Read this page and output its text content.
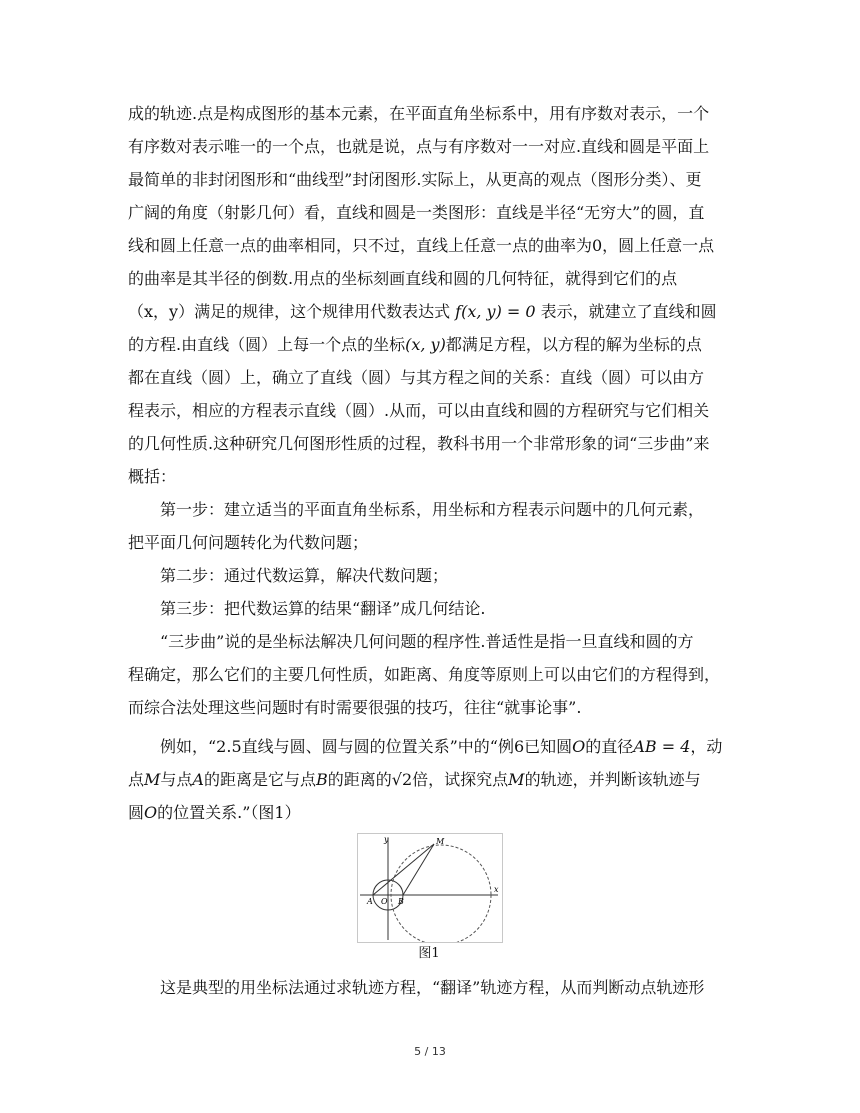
成的轨迹.点是构成图形的基本元素，在平面直角坐标系中，用有序数对表示，一个

有序数对表示唯一的一个点，也就是说，点与有序数对一一对应.直线和圆是平面上

最简单的非封闭图形和“曲线型”封闭图形.实际上，从更高的观点（图形分类）、更

广阔的角度（射影几何）看，直线和圆是一类图形：直线是半径“无穷大”的圆，直

线和圆上任意一点的曲率相同，只不过，直线上任意一点的曲率为0，圆上任意一点

的曲率是其半径的倒数.用点的坐标刻画直线和圆的几何特征，就得到它们的点

（x，y）满足的规律，这个规律用代数表达式 f(x, y) = 0 表示，就建立了直线和圆

的方程.由直线（圆）上每一个点的坐标(x, y)都满足方程，以方程的解为坐标的点

都在直线（圆）上，确立了直线（圆）与其方程之间的关系：直线（圆）可以由方

程表示，相应的方程表示直线（圆）.从而，可以由直线和圆的方程研究与它们相关

的几何性质.这种研究几何图形性质的过程，教科书用一个非常形象的词“三步曲”来

概括：

第一步：建立适当的平面直角坐标系，用坐标和方程表示问题中的几何元素，

把平面几何问题转化为代数问题；

第二步：通过代数运算，解决代数问题；

第三步：把代数运算的结果“翻译”成几何结论.

“三步曲”说的是坐标法解决几何问题的程序性.普适性是指一旦直线和圆的方

程确定，那么它们的主要几何性质，如距离、角度等原则上可以由它们的方程得到，

而综合法处理这些问题时有时需要很强的技巧，往往“就事论事”.

例如，“2.5直线与圆、圆与圆的位置关系”中的“例6已知圆O的直径AB = 4，动

点M与点A的距离是它与点B的距离的√2倍，试探究点M的轨迹，并判断该轨迹与

圆O的位置关系.”（图1）

x
y	M
A O B
图1

这是典型的用坐标法通过求轨迹方程，“翻译”轨迹方程，从而判断动点轨迹形

5 / 13
